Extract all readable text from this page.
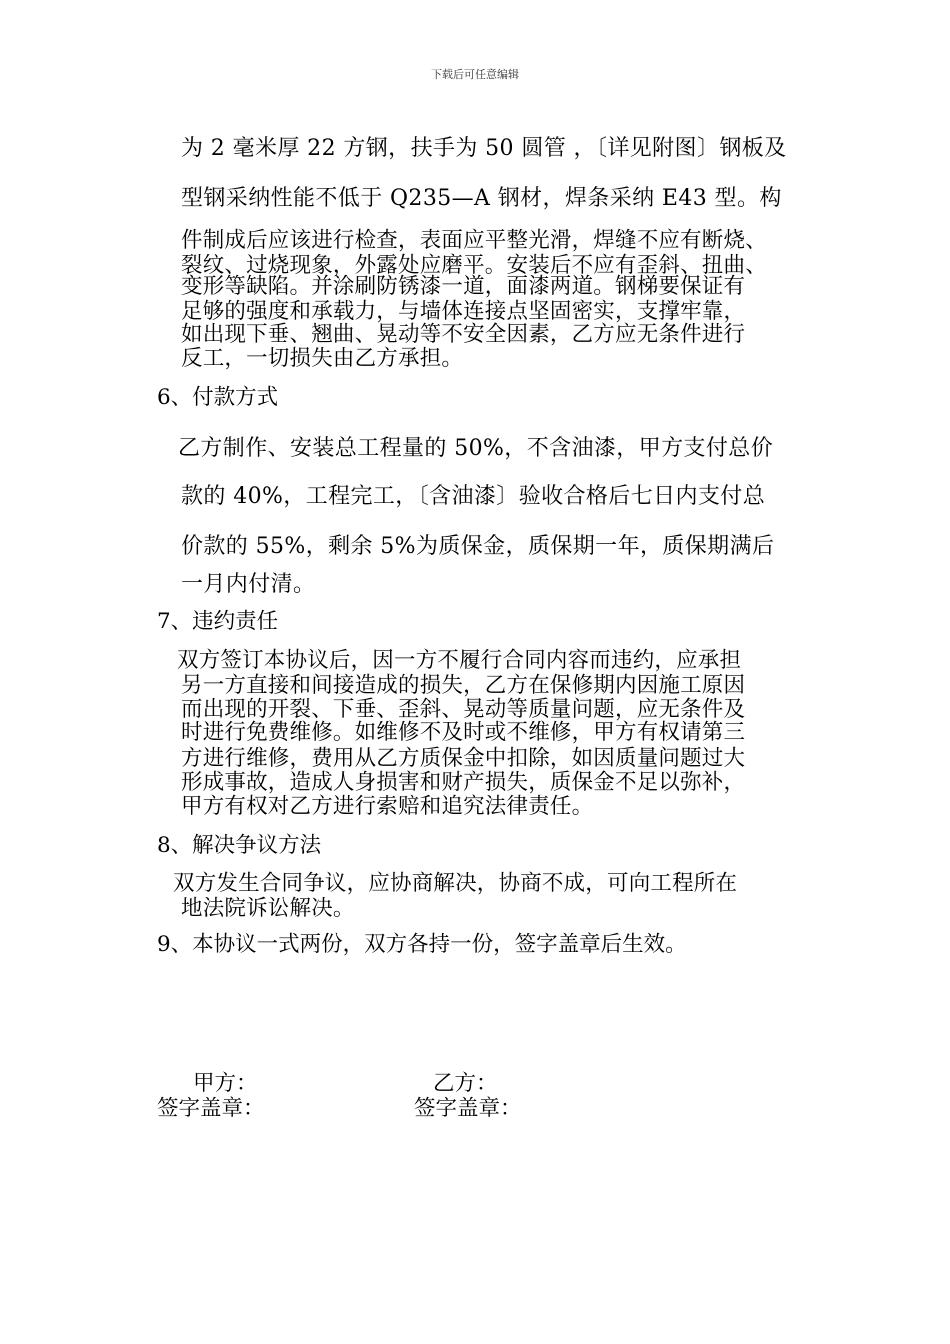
下载后可任意编辑
为 2 毫米厚 22 方钢，扶手为 50 圆管 ，〔详见附图〕钢板及
型钢采纳性能不低于 Q235—A 钢材，焊条采纳 E43 型。构
件制成后应该进行检查，表面应平整光滑，焊缝不应有断烧、
裂纹、过烧现象，外露处应磨平。安装后不应有歪斜、扭曲、
变形等缺陷。并涂刷防锈漆一道，面漆两道。钢梯要保证有
足够的强度和承载力，与墙体连接点坚固密实，支撑牢靠，
如出现下垂、翘曲、晃动等不安全因素，乙方应无条件进行
反工，一切损失由乙方承担。
6、付款方式
乙方制作、安装总工程量的 50%，不含油漆，甲方支付总价
款的 40%，工程完工，〔含油漆〕验收合格后七日内支付总
价款的 55%，剩余 5%为质保金，质保期一年，质保期满后
一月内付清。
7、违约责任
双方签订本协议后，因一方不履行合同内容而违约，应承担
另一方直接和间接造成的损失，乙方在保修期内因施工原因
而出现的开裂、下垂、歪斜、晃动等质量问题，应无条件及
时进行免费维修。如维修不及时或不维修，甲方有权请第三
方进行维修，费用从乙方质保金中扣除，如因质量问题过大
形成事故，造成人身损害和财产损失，质保金不足以弥补，
甲方有权对乙方进行索赔和追究法律责任。
8、解决争议方法
双方发生合同争议，应协商解决，协商不成，可向工程所在
地法院诉讼解决。
9、本协议一式两份，双方各持一份，签字盖章后生效。
甲方：	乙方：
签字盖章：	签字盖章：
